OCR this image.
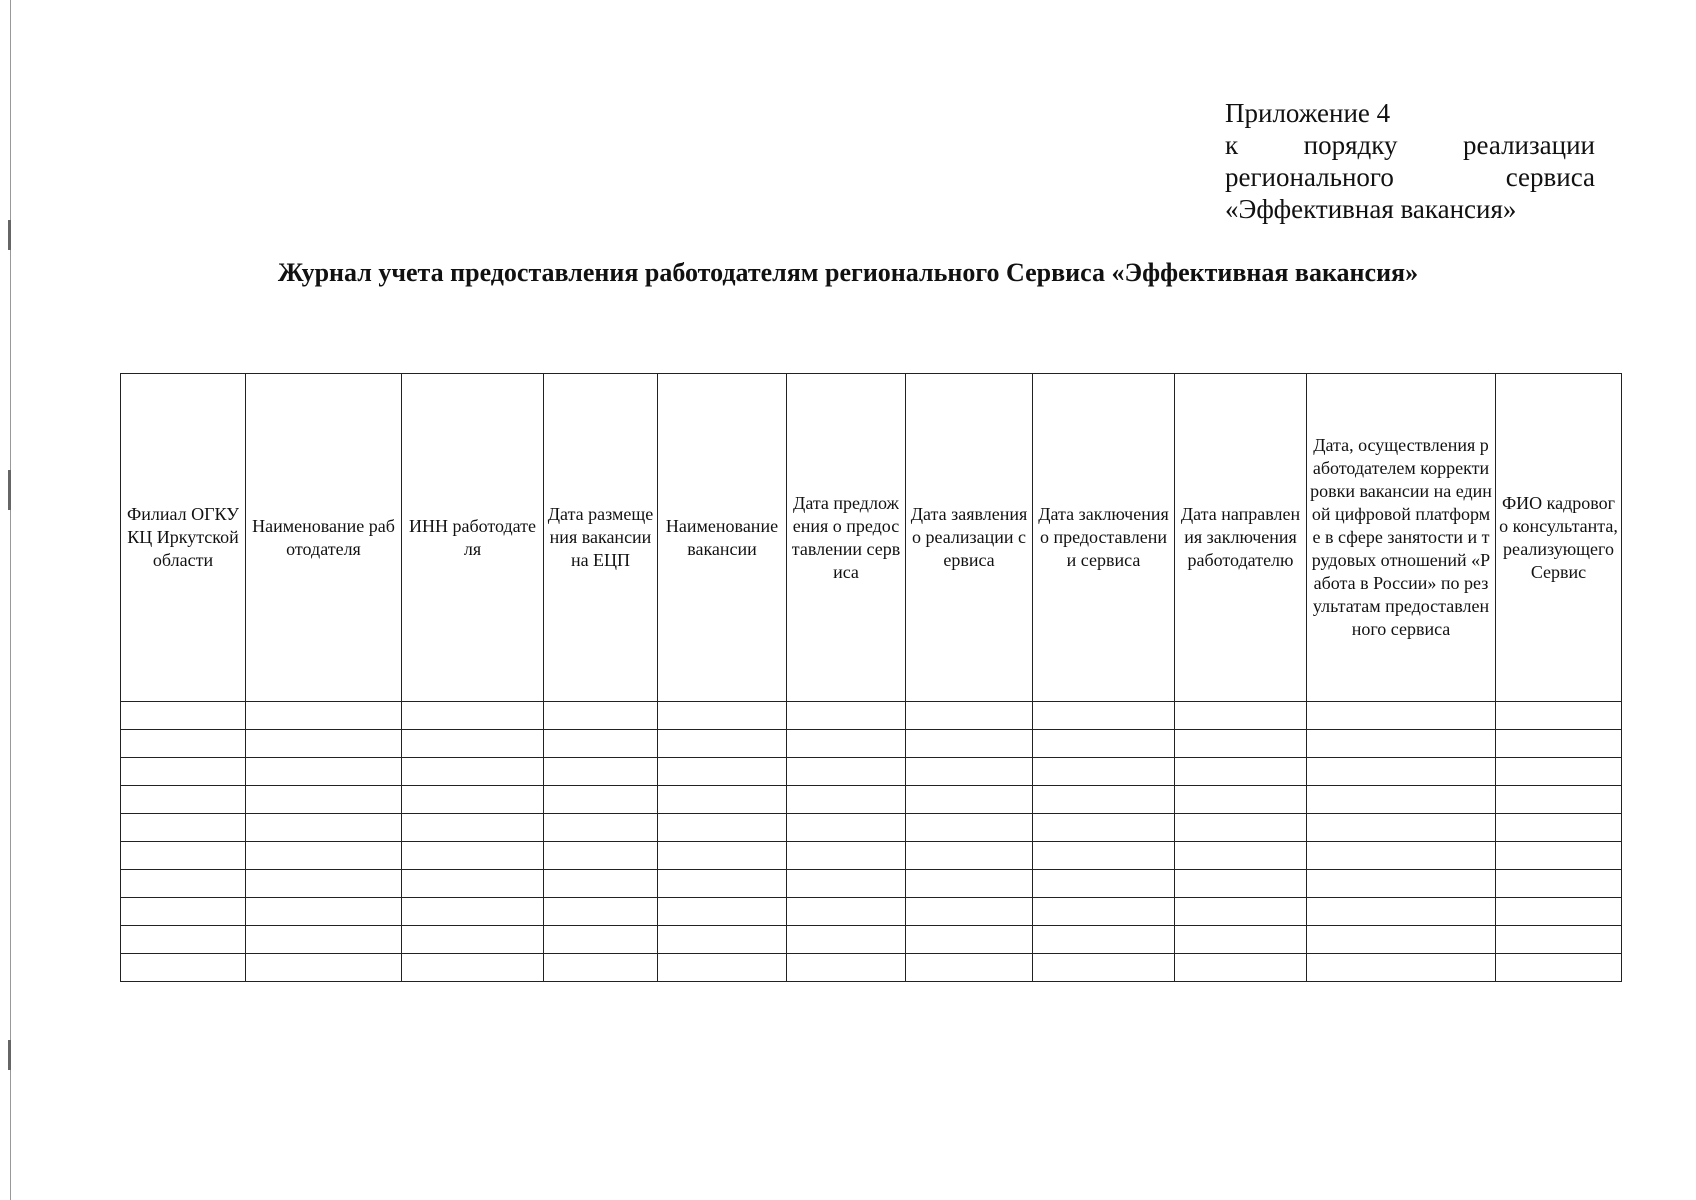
Приложение 4
к порядку реализации
регионального	сервиса
«Эффективная вакансия»
Журнал учета предоставления работодателям регионального Сервиса «Эффективная вакансия»
Филиал ОГКУ КЦ Иркутской области	Наименование работодателя	ИНН работодателя	Дата размещения вакансии на ЕЦП	Наименование вакансии	Дата предложения о предоставлении сервиса	Дата заявления о реализации сервиса	Дата заключения о предоставлении сервиса	Дата направления заключения работодателю	Дата, осуществления работодателем корректировки вакансии на единой цифровой платформе в сфере занятости и трудовых отношений «Работа в России» по результатам предоставленного сервиса	ФИО кадрового консультанта, реализующего Сервис
